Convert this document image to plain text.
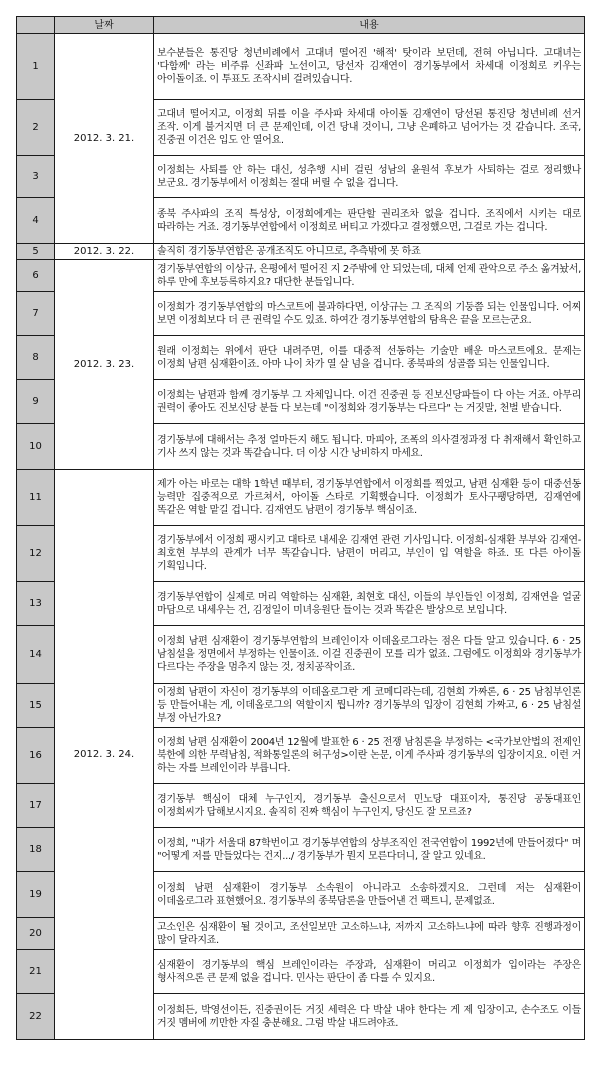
	날짜	내용
1	2012. 3. 21.	보수분들은 통진당 청년비례에서 고대녀 떨어진 '해적' 탓이라 보던데, 전혀 아닙니다. 고대녀는 '다함께' 라는 비주류 신좌파 노선이고, 당선자 김재연이 경기동부에서 차세대 이정희로 키우는 아이돌이죠. 이 투표도 조작시비 걸려있습니다.
2		고대녀 떨어지고, 이정희 뒤를 이을 주사파 차세대 아이돌 김재연이 당선된 통진당 청년비례 선거 조작. 이게 불거지면 더 큰 문제인데, 이건 당내 것이니, 그냥 은폐하고 넘어가는 것 같습니다. 조국, 진중권 이건은 입도 안 열어요.
3		이정희는 사퇴를 안 하는 대신, 성추행 시비 걸린 성남의 윤원석 후보가 사퇴하는 걸로 정리했나 보군요. 경기동부에서 이정희는 절대 버릴 수 없을 겁니다.
4		종북 주사파의 조직 특성상, 이정희에게는 판단할 권리조차 없을 겁니다. 조직에서 시키는 대로 따라하는 거죠. 경기동부연합에서 이정희로 버티고 가겠다고 결정했으면, 그걸로 가는 겁니다.
5	2012. 3. 22.	솔직히 경기동부연합은 공개조직도 아니므로, 추측밖에 못 하죠
6	2012. 3. 23.	경기동부연합의 이상규, 은평에서 떨어진 지 2주밖에 안 되었는데, 대체 언제 관악으로 주소 옮겨놨서, 하루 만에 후보등록하지요? 대단한 분들입니다.
7		이정희가 경기동부연합의 마스코트에 불과하다면, 이상규는 그 조직의 기둥쯤 되는 인물입니다. 어찌 보면 이정희보다 더 큰 권력일 수도 있죠. 하여간 경기동부연합의 탐욕은 끝을 모르는군요.
8		원래 이정희는 위에서 판단 내려주면, 이를 대중적 선동하는 기술만 배운 마스코트에요. 문제는 이정희 남편 심재환이죠. 아마 나이 차가 열 살 넘을 겁니다. 종북파의 성골쯤 되는 인물입니다.
9		이정희는 남편과 함께 경기동부 그 자체입니다. 이건 진중권 등 진보신당파들이 다 아는 거죠. 아무리 권력이 좋아도 진보신당 분들 다 보는데 "이정희와 경기동부는 다르다" 는 거짓말, 천벌 받습니다.
10		경기동부에 대해서는 추정 얼마든지 해도 됩니다. 마피아, 조폭의 의사결정과정 다 취재해서 확인하고 기사 쓰지 않는 것과 똑같습니다. 더 이상 시간 낭비하지 마세요.
11	2012. 3. 24.	제가 아는 바로는 대학 1학년 때부터, 경기동부연합에서 이정희를 찍었고, 남편 심재환 등이 대중선동 능력만 집중적으로 가르쳐서, 아이돌 스타로 기획했습니다. 이정희가 토사구팽당하면, 김재연에 똑같은 역할 맡길 겁니다. 김재연도 남편이 경기동부 핵심이죠.
12		경기동부에서 이정희 팽시키고 대타로 내세운 김재연 관련 기사입니다. 이정희-심재환 부부와 김재연-최호현 부부의 관계가 너무 똑같습니다. 남편이 머리고, 부인이 입 역할을 하죠. 또 다른 아이돌 기획입니다.
13		경기동부연합이 실제로 머리 역할하는 심재환, 최현호 대신, 이들의 부인들인 이정희, 김재연을 얼굴 마담으로 내세우는 건, 김정일이 미녀응원단 들이는 것과 똑같은 발상으로 보입니다.
14		이정희 남편 심재환이 경기동부연합의 브레인이자 이데올로그라는 점은 다들 알고 있습니다. 6 · 25 남침설을 정면에서 부정하는 인물이죠. 이걸 진중권이 모를 리가 없죠. 그럼에도 이정희와 경기동부가 다르다는 주장을 멈추지 않는 것, 정치공작이죠.
15		이정희 남편이 자신이 경기동부의 이데올로그란 게 코메디라는데, 김현희 가짜론, 6 · 25 남침부인론 등 만들어내는 게, 이데올로그의 역할이지 뭡니까? 경기동부의 입장이 김현희 가짜고, 6 · 25 남침설 부정 아닌가요?
16		이정희 남편 심재환이 2004년 12월에 발표한 6 · 25 전쟁 남침론을 부정하는 <국가보안법의 전제인 북한에 의한 무력남침, 적화통일론의 허구성>이란 논문, 이게 주사파 경기동부의 입장이지요. 이런 거 하는 자를 브레인이라 부릅니다.
17		경기동부 핵심이 대체 누구인지, 경기동부 출신으로서 민노당 대표이자, 통진당 공동대표인 이정희씨가 답해보시지요. 솔직히 진짜 핵심이 누구인지, 당신도 잘 모르죠?
18		이정희, "내가 서울대 87학번이고 경기동부연합의 상부조직인 전국연합이 1992년에 만들어졌다" 며 "어떻게 저를 만들었다는 건지.../ 경기동부가 뭔지 모른다더니, 잘 알고 있네요.
19		이정희 남편 심재환이 경기동부 소속원이 아니라고 소송하겠지요. 그런데 저는 심재환이 이데올로그라 표현했어요. 경기동부의 종북담론을 만들어낸 건 팩트니, 문제없죠.
20		고소인은 심재환이 될 것이고, 조선일보만 고소하느냐, 저까지 고소하느냐에 따라 향후 진행과정이 많이 달라지죠.
21		심재환이 경기동부의 핵심 브레인이라는 주장과, 심재환이 머리고 이정희가 입이라는 주장은 형사적으론 큰 문제 없을 겁니다. 민사는 판단이 좀 다를 수 있지요.
22		이정희든, 박영선이든, 진중권이든 거짓 세력은 다 박살 내야 한다는 게 제 입장이고, 손수조도 이들 거짓 멤버에 끼만한 자질 충분해요. 그럼 박살 내드려야죠.
